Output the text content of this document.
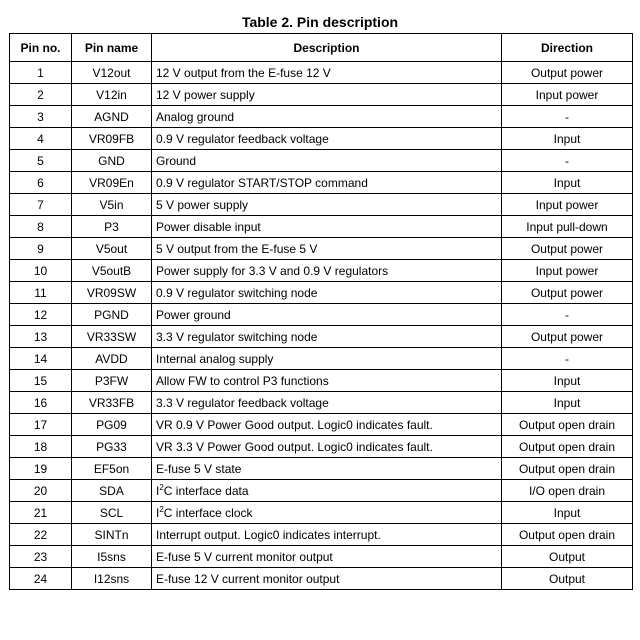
Table 2. Pin description
Pin no.	Pin name	Description	Direction
1	V12out	12 V output from the E-fuse 12 V	Output power
2	V12in	12 V power supply	Input power
3	AGND	Analog ground	-
4	VR09FB	0.9 V regulator feedback voltage	Input
5	GND	Ground	-
6	VR09En	0.9 V regulator START/STOP command	Input
7	V5in	5 V power supply	Input power
8	P3	Power disable input	Input pull-down
9	V5out	5 V output from the E-fuse 5 V	Output power
10	V5outB	Power supply for 3.3 V and 0.9 V regulators	Input power
11	VR09SW	0.9 V regulator switching node	Output power
12	PGND	Power ground	-
13	VR33SW	3.3 V regulator switching node	Output power
14	AVDD	Internal analog supply	-
15	P3FW	Allow FW to control P3 functions	Input
16	VR33FB	3.3 V regulator feedback voltage	Input
17	PG09	VR 0.9 V Power Good output. Logic0 indicates fault.	Output open drain
18	PG33	VR 3.3 V Power Good output. Logic0 indicates fault.	Output open drain
19	EF5on	E-fuse 5 V state	Output open drain
20	SDA	$I^2C$ interface data	I/O open drain
21	SCL	$I^2C$ interface clock	Input
22	SINTn	Interrupt output. Logic0 indicates interrupt.	Output open drain
23	I5sns	E-fuse 5 V current monitor output	Output
24	I12sns	E-fuse 12 V current monitor output	Output
